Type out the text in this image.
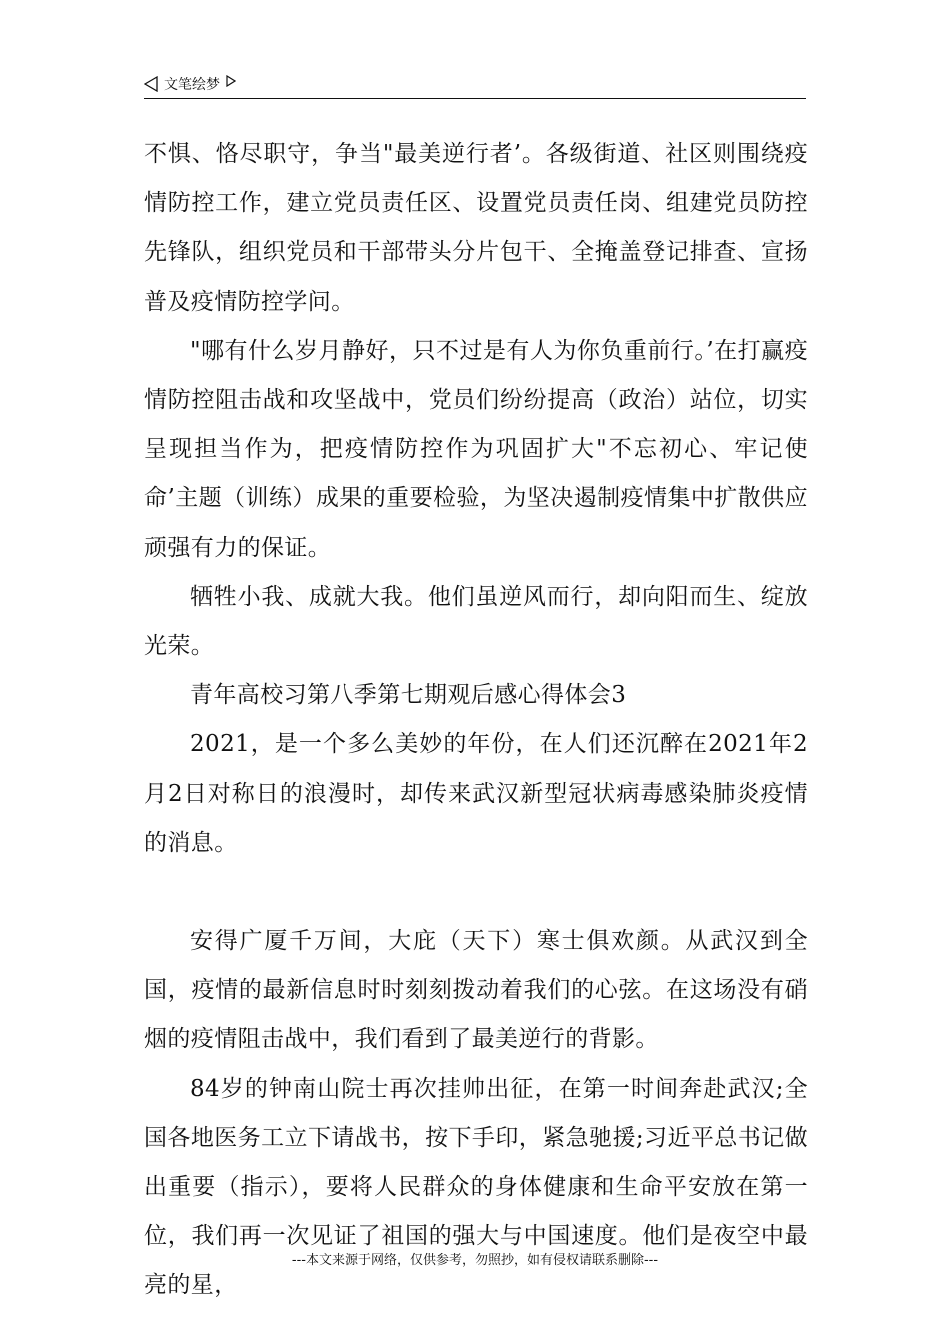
文笔绘梦

不惧、恪尽职守，争当"最美逆行者’。各级街道、社区则围绕疫情防控工作，建立党员责任区、设置党员责任岗、组建党员防控先锋队，组织党员和干部带头分片包干、全掩盖登记排查、宣扬普及疫情防控学问。

"哪有什么岁月静好，只不过是有人为你负重前行。’在打赢疫情防控阻击战和攻坚战中，党员们纷纷提高（政治）站位，切实呈现担当作为，把疫情防控作为巩固扩大"不忘初心、牢记使命’主题（训练）成果的重要检验，为坚决遏制疫情集中扩散供应顽强有力的保证。

牺牲小我、成就大我。他们虽逆风而行，却向阳而生、绽放光荣。

青年高校习第八季第七期观后感心得体会3

2021，是一个多么美妙的年份，在人们还沉醉在2021年2月2日对称日的浪漫时，却传来武汉新型冠状病毒感染肺炎疫情的消息。

安得广厦千万间，大庇（天下）寒士俱欢颜。从武汉到全国，疫情的最新信息时时刻刻拨动着我们的心弦。在这场没有硝烟的疫情阻击战中，我们看到了最美逆行的背影。

84岁的钟南山院士再次挂帅出征，在第一时间奔赴武汉;全国各地医务工立下请战书，按下手印，紧急驰援;习近平总书记做出重要（指示），要将人民群众的身体健康和生命平安放在第一位，我们再一次见证了祖国的强大与中国速度。他们是夜空中最亮的星，

---本文来源于网络，仅供参考，勿照抄，如有侵权请联系删除---
